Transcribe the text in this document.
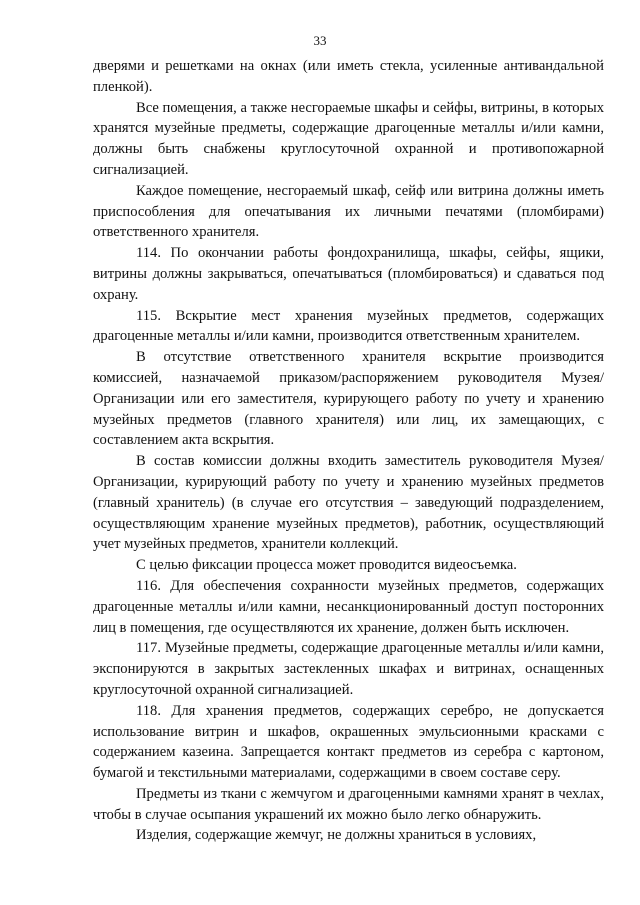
33

дверями и решетками на окнах (или иметь стекла, усиленные антивандальной пленкой).

Все помещения, а также несгораемые шкафы и сейфы, витрины, в которых хранятся музейные предметы, содержащие драгоценные металлы и/или камни, должны быть снабжены круглосуточной охранной и противопожарной сигнализацией.

Каждое помещение, несгораемый шкаф, сейф или витрина должны иметь приспособления для опечатывания их личными печатями (пломбирами) ответственного хранителя.

114. По окончании работы фондохранилища, шкафы, сейфы, ящики, витрины должны закрываться, опечатываться (пломбироваться) и сдаваться под охрану.

115. Вскрытие мест хранения музейных предметов, содержащих драгоценные металлы и/или камни, производится ответственным хранителем.

В отсутствие ответственного хранителя вскрытие производится комиссией, назначаемой приказом/распоряжением руководителя Музея/Организации или его заместителя, курирующего работу по учету и хранению музейных предметов (главного хранителя) или лиц, их замещающих, с составлением акта вскрытия.

В состав комиссии должны входить заместитель руководителя Музея/Организации, курирующий работу по учету и хранению музейных предметов (главный хранитель) (в случае его отсутствия – заведующий подразделением, осуществляющим хранение музейных предметов), работник, осуществляющий учет музейных предметов, хранители коллекций.

С целью фиксации процесса может проводится видеосъемка.

116. Для обеспечения сохранности музейных предметов, содержащих драгоценные металлы и/или камни, несанкционированный доступ посторонних лиц в помещения, где осуществляются их хранение, должен быть исключен.

117. Музейные предметы, содержащие драгоценные металлы и/или камни, экспонируются в закрытых застекленных шкафах и витринах, оснащенных круглосуточной охранной сигнализацией.

118. Для хранения предметов, содержащих серебро, не допускается использование витрин и шкафов, окрашенных эмульсионными красками с содержанием казеина. Запрещается контакт предметов из серебра с картоном, бумагой и текстильными материалами, содержащими в своем составе серу.

Предметы из ткани с жемчугом и драгоценными камнями хранят в чехлах, чтобы в случае осыпания украшений их можно было легко обнаружить.

Изделия, содержащие жемчуг, не должны храниться в условиях,
